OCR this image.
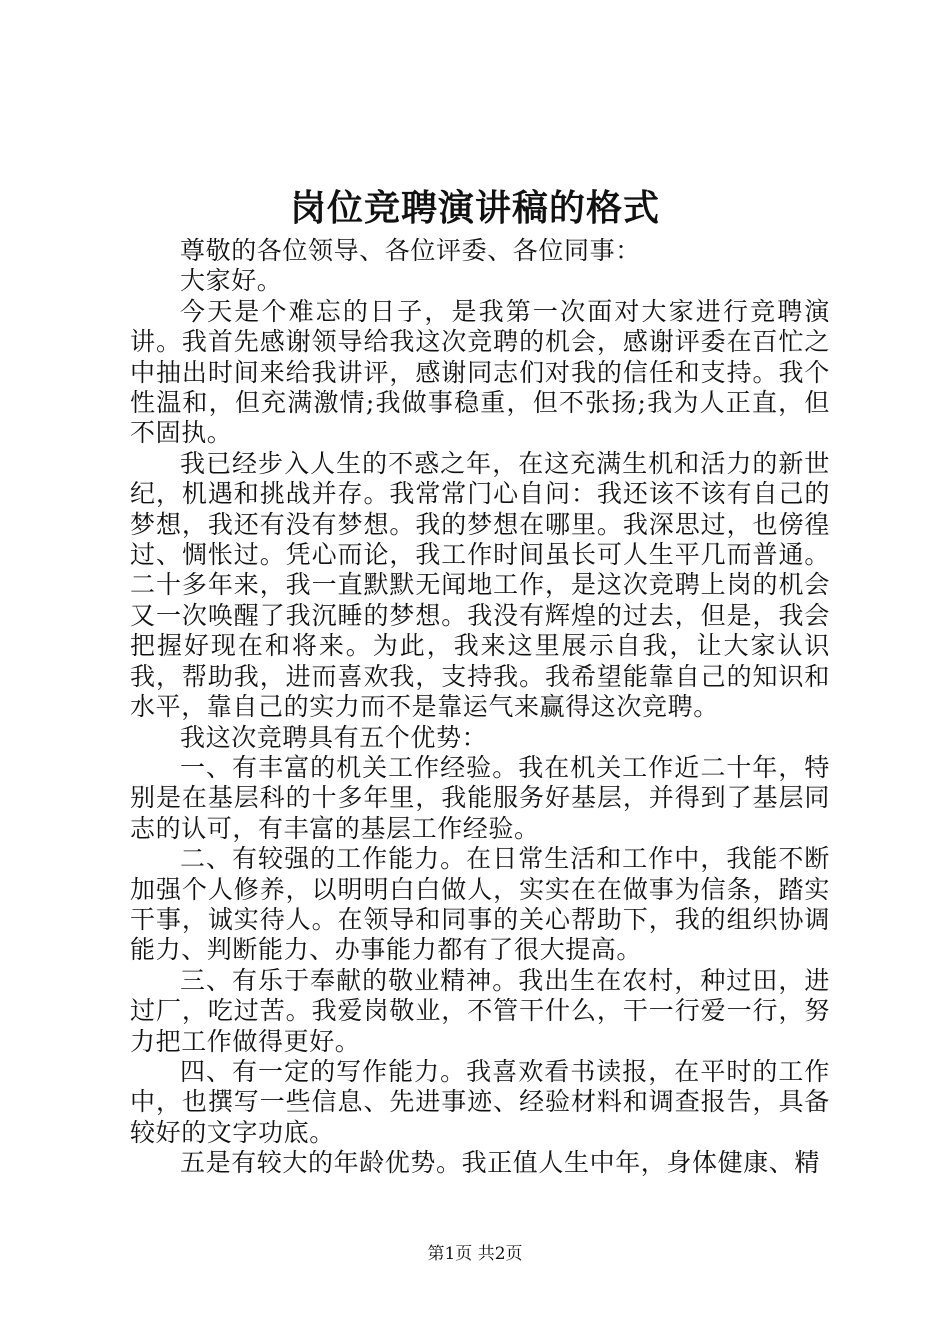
岗位竞聘演讲稿的格式

尊敬的各位领导、各位评委、各位同事：

大家好。

今天是个难忘的日子，是我第一次面对大家进行竞聘演讲。我首先感谢领导给我这次竞聘的机会，感谢评委在百忙之中抽出时间来给我讲评，感谢同志们对我的信任和支持。我个性温和，但充满激情;我做事稳重，但不张扬;我为人正直，但不固执。

我已经步入人生的不惑之年，在这充满生机和活力的新世纪，机遇和挑战并存。我常常门心自问：我还该不该有自己的梦想，我还有没有梦想。我的梦想在哪里。我深思过，也傍徨过、惆怅过。凭心而论，我工作时间虽长可人生平几而普通。二十多年来，我一直默默无闻地工作，是这次竞聘上岗的机会又一次唤醒了我沉睡的梦想。我没有辉煌的过去，但是，我会把握好现在和将来。为此，我来这里展示自我，让大家认识我，帮助我，进而喜欢我，支持我。我希望能靠自己的知识和水平，靠自己的实力而不是靠运气来赢得这次竞聘。

我这次竞聘具有五个优势：

一、有丰富的机关工作经验。我在机关工作近二十年，特别是在基层科的十多年里，我能服务好基层，并得到了基层同志的认可，有丰富的基层工作经验。

二、有较强的工作能力。在日常生活和工作中，我能不断加强个人修养，以明明白白做人，实实在在做事为信条，踏实干事，诚实待人。在领导和同事的关心帮助下，我的组织协调能力、判断能力、办事能力都有了很大提高。

三、有乐于奉献的敬业精神。我出生在农村，种过田，进过厂，吃过苦。我爱岗敬业，不管干什么，干一行爱一行，努力把工作做得更好。

四、有一定的写作能力。我喜欢看书读报，在平时的工作中，也撰写一些信息、先进事迹、经验材料和调查报告，具备较好的文字功底。

五是有较大的年龄优势。我正值人生中年，身体健康、精

第1页 共2页
